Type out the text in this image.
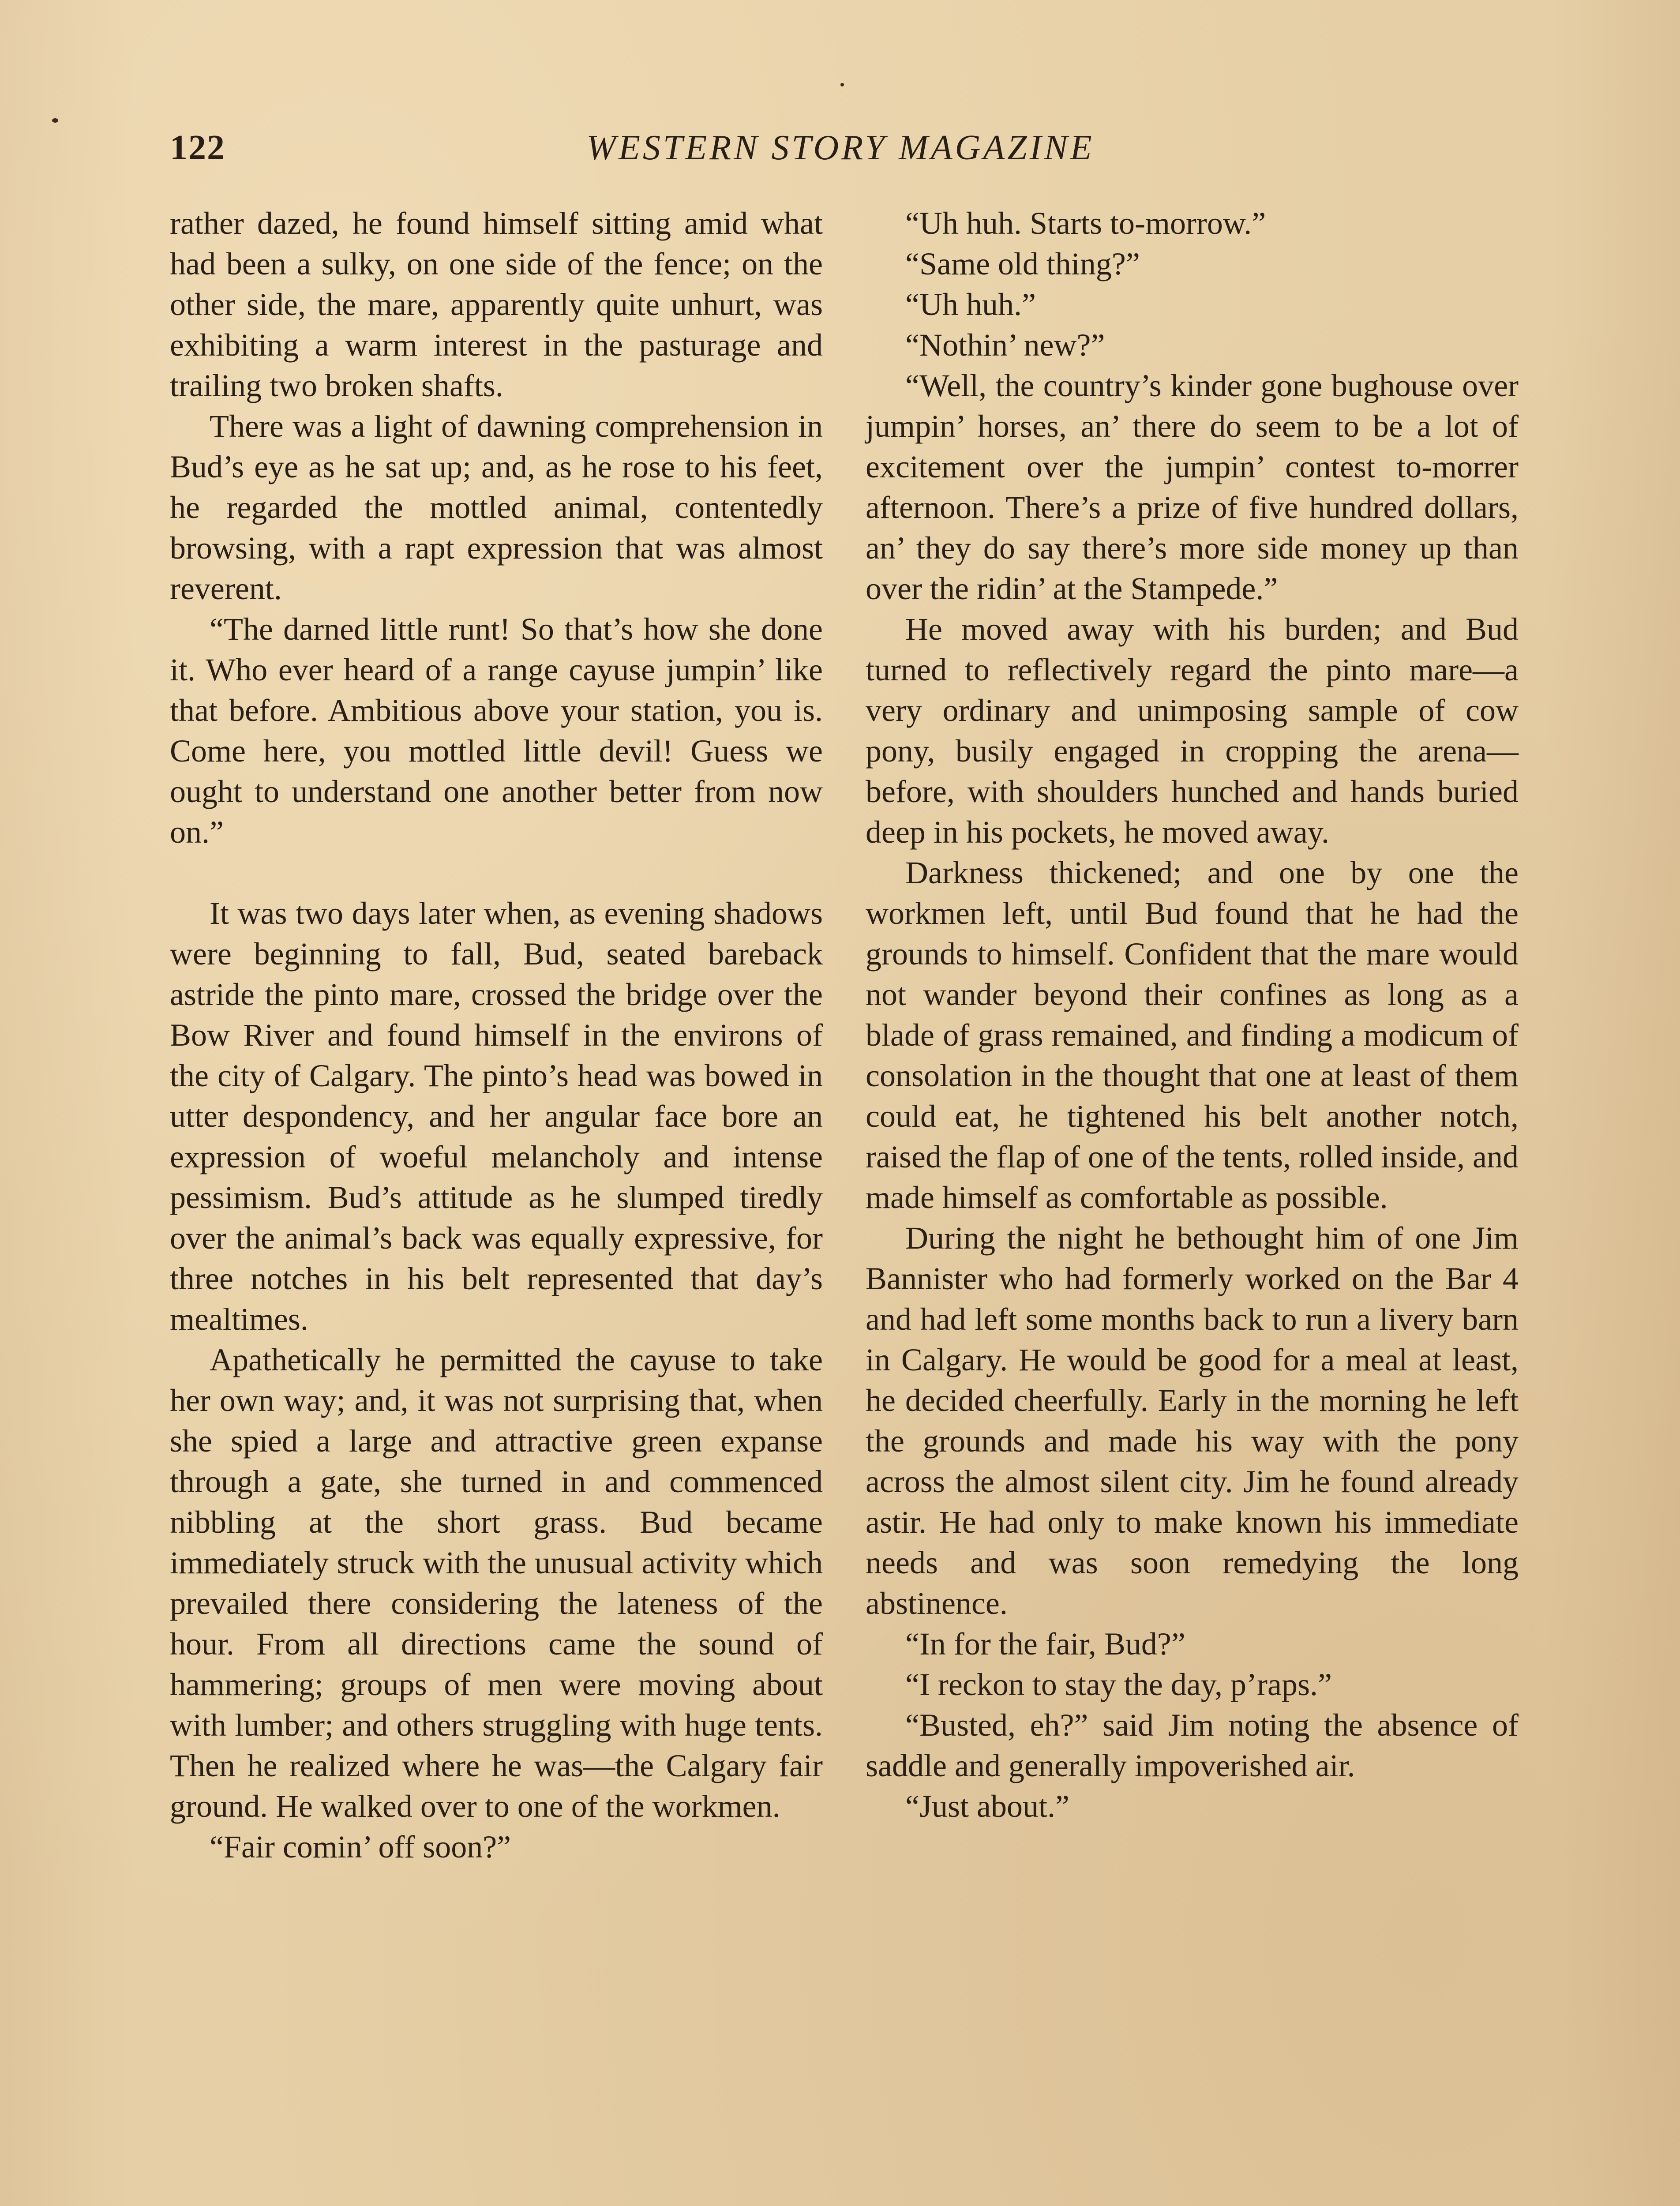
122	WESTERN STORY MAGAZINE

rather dazed, he found himself sitting amid what had been a sulky, on one side of the fence; on the other side, the mare, apparently quite unhurt, was exhibiting a warm interest in the pasturage and trailing two broken shafts.

There was a light of dawning comprehension in Bud’s eye as he sat up; and, as he rose to his feet, he regarded the mottled animal, contentedly browsing, with a rapt expression that was almost reverent.

“The darned little runt! So that’s how she done it. Who ever heard of a range cayuse jumpin’ like that before. Ambitious above your station, you is. Come here, you mottled little devil! Guess we ought to understand one another better from now on.”

It was two days later when, as evening shadows were beginning to fall, Bud, seated bareback astride the pinto mare, crossed the bridge over the Bow River and found himself in the environs of the city of Calgary. The pinto’s head was bowed in utter despondency, and her angular face bore an expression of woeful melancholy and intense pessimism. Bud’s attitude as he slumped tiredly over the animal’s back was equally expressive, for three notches in his belt represented that day’s mealtimes.

Apathetically he permitted the cayuse to take her own way; and, it was not surprising that, when she spied a large and attractive green expanse through a gate, she turned in and commenced nibbling at the short grass. Bud became immediately struck with the unusual activity which prevailed there considering the lateness of the hour. From all directions came the sound of hammering; groups of men were moving about with lumber; and others struggling with huge tents. Then he realized where he was—the Calgary fair ground. He walked over to one of the workmen.

“Fair comin’ off soon?”

“Uh huh. Starts to-morrow.”

“Same old thing?”

“Uh huh.”

“Nothin’ new?”

“Well, the country’s kinder gone bughouse over jumpin’ horses, an’ there do seem to be a lot of excitement over the jumpin’ contest to-morrer afternoon. There’s a prize of five hundred dollars, an’ they do say there’s more side money up than over the ridin’ at the Stampede.”

He moved away with his burden; and Bud turned to reflectively regard the pinto mare—a very ordinary and unimposing sample of cow pony, busily engaged in cropping the arena—before, with shoulders hunched and hands buried deep in his pockets, he moved away.

Darkness thickened; and one by one the workmen left, until Bud found that he had the grounds to himself. Confident that the mare would not wander beyond their confines as long as a blade of grass remained, and finding a modicum of consolation in the thought that one at least of them could eat, he tightened his belt another notch, raised the flap of one of the tents, rolled inside, and made himself as comfortable as possible.

During the night he bethought him of one Jim Bannister who had formerly worked on the Bar 4 and had left some months back to run a livery barn in Calgary. He would be good for a meal at least, he decided cheerfully. Early in the morning he left the grounds and made his way with the pony across the almost silent city. Jim he found already astir. He had only to make known his immediate needs and was soon remedying the long abstinence.

“In for the fair, Bud?”

“I reckon to stay the day, p’raps.”

“Busted, eh?” said Jim noting the absence of saddle and generally impoverished air.

“Just about.”
